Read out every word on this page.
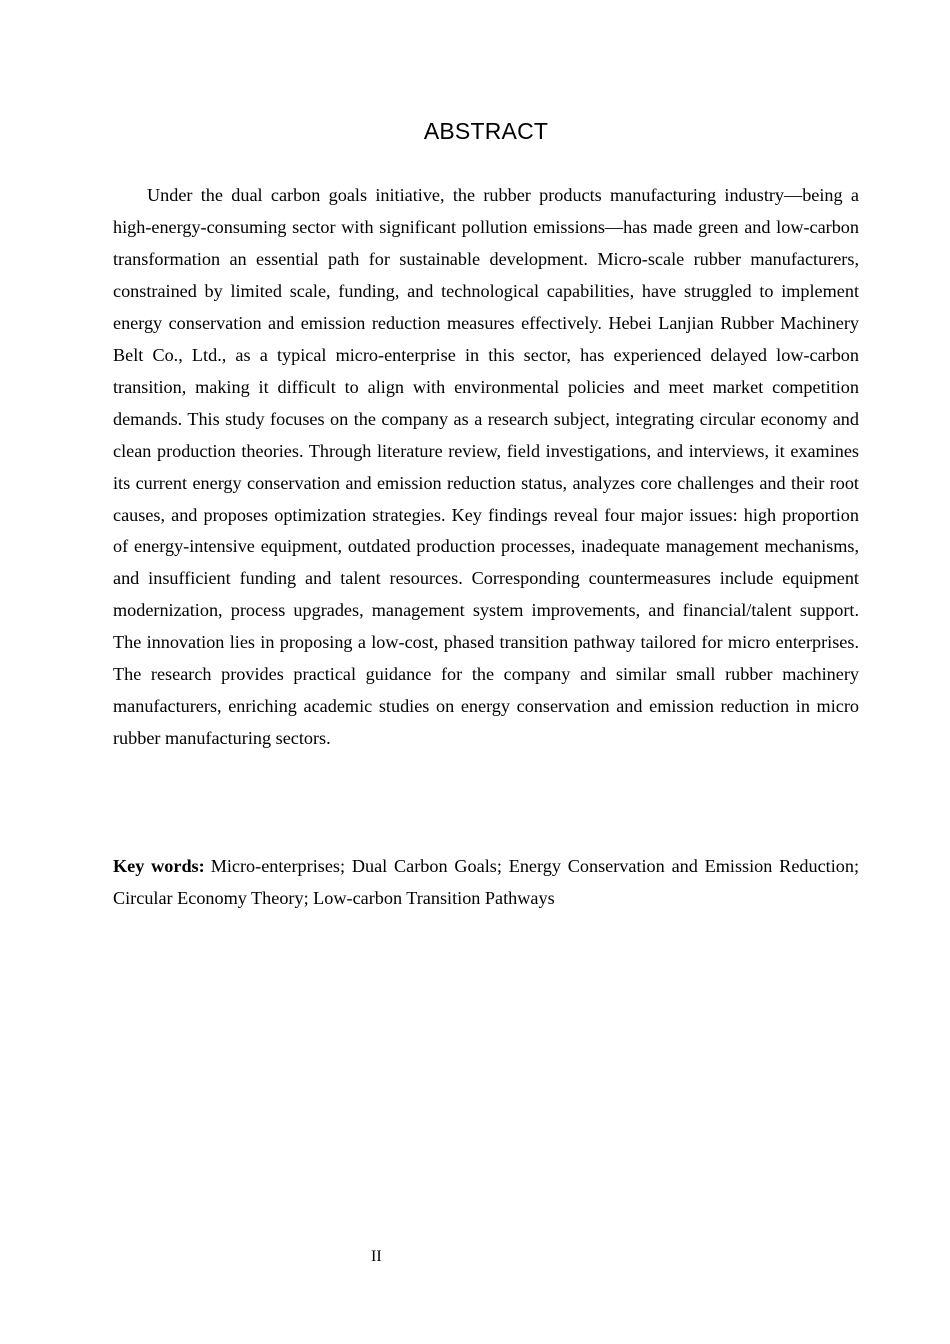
ABSTRACT

Under the dual carbon goals initiative, the rubber products manufacturing industry—being a high-energy-consuming sector with significant pollution emissions—has made green and low-carbon transformation an essential path for sustainable development. Micro-scale rubber manufacturers, constrained by limited scale, funding, and technological capabilities, have struggled to implement energy conservation and emission reduction measures effectively. Hebei Lanjian Rubber Machinery Belt Co., Ltd., as a typical micro-enterprise in this sector, has experienced delayed low-carbon transition, making it difficult to align with environmental policies and meet market competition demands. This study focuses on the company as a research subject, integrating circular economy and clean production theories. Through literature review, field investigations, and interviews, it examines its current energy conservation and emission reduction status, analyzes core challenges and their root causes, and proposes optimization strategies. Key findings reveal four major issues: high proportion of energy-intensive equipment, outdated production processes, inadequate management mechanisms, and insufficient funding and talent resources. Corresponding countermeasures include equipment modernization, process upgrades, management system improvements, and financial/talent support. The innovation lies in proposing a low-cost, phased transition pathway tailored for micro enterprises. The research provides practical guidance for the company and similar small rubber machinery manufacturers, enriching academic studies on energy conservation and emission reduction in micro rubber manufacturing sectors.

Key words: Micro-enterprises; Dual Carbon Goals; Energy Conservation and Emission Reduction; Circular Economy Theory; Low-carbon Transition Pathways

II
